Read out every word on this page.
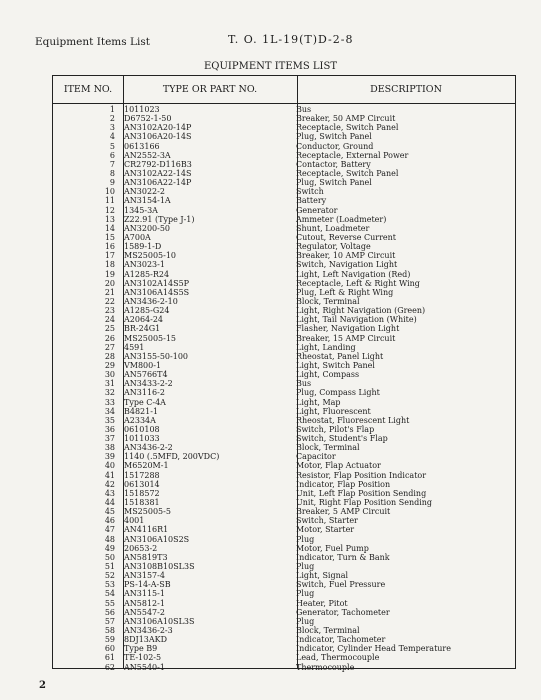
Equipment Items List	T. O. 1L-19(T)D-2-8
EQUIPMENT ITEMS LIST
ITEM NO.	TYPE OR PART NO.	DESCRIPTION
1 1011023	Bus
2 D6752-1-50	Breaker, 50 AMP Circuit
3 AN3102A20-14P	Receptacle, Switch Panel
4 AN3106A20-14S	Plug, Switch Panel
5 0613166	Conductor, Ground
6 AN2552-3A	Receptacle, External Power
7 CR2792-D116B3	Contactor, Battery
8 AN3102A22-14S	Receptacle, Switch Panel
9 AN3106A22-14P	Plug, Switch Panel
10 AN3022-2	Switch
11 AN3154-1A	Battery
12 1345-3A	Generator
13 Z22.91 (Type J-1)	Ammeter (Loadmeter)
14 AN3200-50	Shunt, Loadmeter
15 A700A	Cutout, Reverse Current
16 1589-1-D	Regulator, Voltage
17 MS25005-10	Breaker, 10 AMP Circuit
18 AN3023-1	Switch, Navigation Light
19 A1285-R24	Light, Left Navigation (Red)
20 AN3102A14S5P	Receptacle, Left & Right Wing
21 AN3106A14S5S	Plug, Left & Right Wing
22 AN3436-2-10	Block, Terminal
23 A1285-G24	Light, Right Navigation (Green)
24 A2064-24	Light, Tail Navigation (White)
25 BR-24G1	Flasher, Navigation Light
26 MS25005-15	Breaker, 15 AMP Circuit
27 4591	Light, Landing
28 AN3155-50-100	Rheostat, Panel Light
29 VM800-1	Light, Switch Panel
30 AN5766T4	Light, Compass
31 AN3433-2-2	Bus
32 AN3116-2	Plug, Compass Light
33 Type C-4A	Light, Map
34 B4821-1	Light, Fluorescent
35 A2334A	Rheostat, Fluorescent Light
36 0610108	Switch, Pilot's Flap
37 1011033	Switch, Student's Flap
38 AN3436-2-2	Block, Terminal
39 1140 (.5MFD, 200VDC)	Capacitor
40 M6520M-1	Motor, Flap Actuator
41 1517288	Resistor, Flap Position Indicator
42 0613014	Indicator, Flap Position
43 1518572	Unit, Left Flap Position Sending
44 1518381	Unit, Right Flap Position Sending
45 MS25005-5	Breaker, 5 AMP Circuit
46 4001	Switch, Starter
47 AN4116R1	Motor, Starter
48 AN3106A10S2S	Plug
49 20653-2	Motor, Fuel Pump
50 AN5819T3	Indicator, Turn & Bank
51 AN3108B10SL3S	Plug
52 AN3157-4	Light, Signal
53 PS-14-A-SB	Switch, Fuel Pressure
54 AN3115-1	Plug
55 AN5812-1	Heater, Pitot
56 AN5547-2	Generator, Tachometer
57 AN3106A10SL3S	Plug
58 AN3436-2-3	Block, Terminal
59 8DJ13AKD	Indicator, Tachometer
60 Type B9	Indicator, Cylinder Head Temperature
61 TE-102-5	Lead, Thermocouple
62 AN5540-1	Thermocouple
2
